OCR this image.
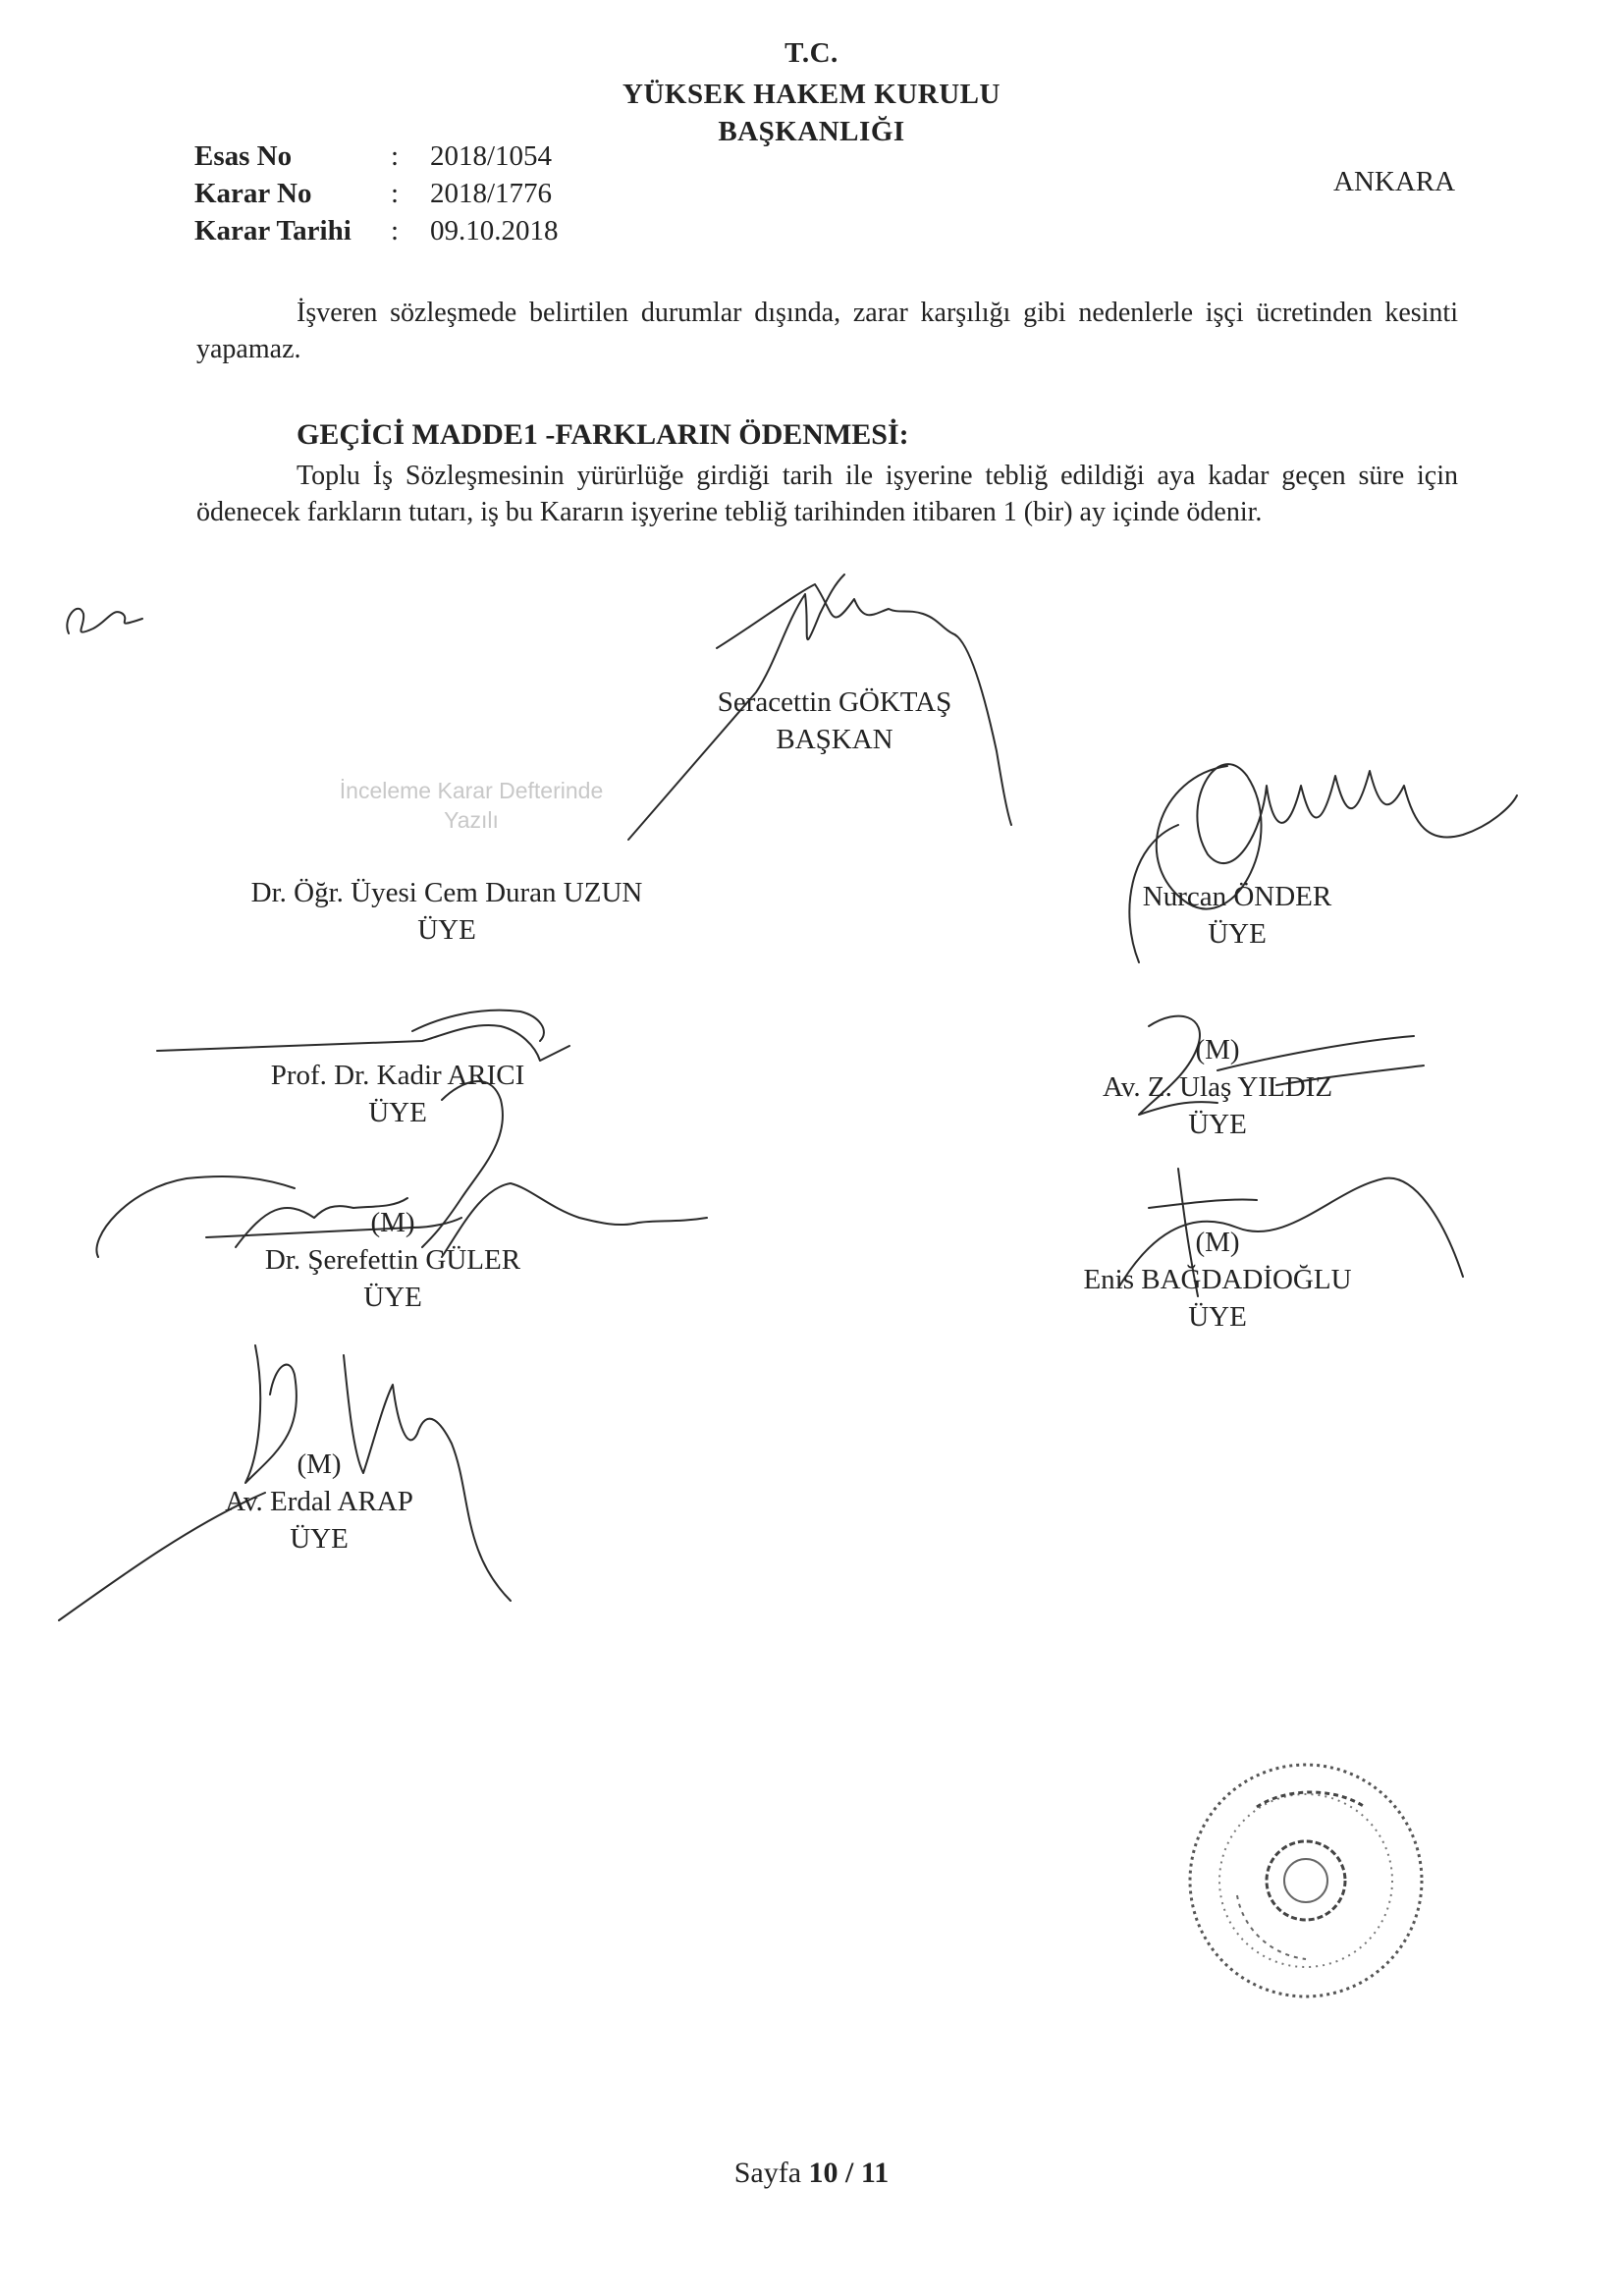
T.C.
YÜKSEK HAKEM KURULU
BAŞKANLIĞI
Esas No	: 2018/1054
Karar No	: 2018/1776
Karar Tarihi : 09.10.2018
ANKARA
İşveren sözleşmede belirtilen durumlar dışında, zarar karşılığı gibi nedenlerle işçi ücretinden kesinti yapamaz.
GEÇİCİ MADDE1 -FARKLARIN ÖDENMESİ:
Toplu İş Sözleşmesinin yürürlüğe girdiği tarih ile işyerine tebliğ edildiği aya kadar geçen süre için ödenecek farkların tutarı, iş bu Kararın işyerine tebliğ tarihinden itibaren 1 (bir) ay içinde ödenir.
İnceleme Karar Defterinde
Yazılı
Seracettin GÖKTAŞ
BAŞKAN
Dr. Öğr. Üyesi Cem Duran UZUN
ÜYE
Nurcan ÖNDER
ÜYE
Prof. Dr. Kadir ARICI
ÜYE
(M)
Av. Z. Ulaş YILDIZ
ÜYE
(M)
Dr. Şerefettin GÜLER
ÜYE
(M)
Enis BAĞDADİOĞLU
ÜYE
(M)
Av. Erdal ARAP
ÜYE
Sayfa 10 / 11
